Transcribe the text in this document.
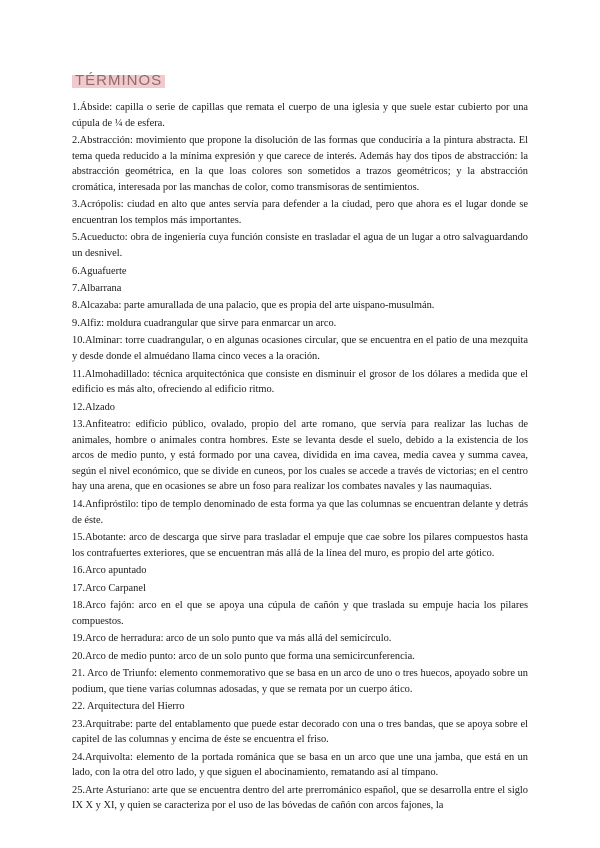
TÉRMINOS

1.Ábside: capilla o serie de capillas que remata el cuerpo de una iglesia y que suele estar cubierto por una cúpula de ¼ de esfera.

2.Abstracción: movimiento que propone la disolución de las formas que conduciría a la pintura abstracta. El tema queda reducido a la mínima expresión y que carece de interés. Además hay dos tipos de abstracción: la abstracción geométrica, en la que loas colores son sometidos a trazos geométricos; y la abstracción cromática, interesada por las manchas de color, como transmisoras de sentimientos.

3.Acrópolis: ciudad en alto que antes servía para defender a la ciudad, pero que ahora es el lugar donde se encuentran los templos más importantes.

5.Acueducto: obra de ingeniería cuya función consiste en trasladar el agua de un lugar a otro salvaguardando un desnivel.

6.Aguafuerte

7.Albarrana

8.Alcazaba: parte amurallada de una palacio, que es propia del arte uispano-musulmán.

9.Alfiz: moldura cuadrangular que sirve para enmarcar un arco.

10.Alminar: torre cuadrangular, o en algunas ocasiones circular, que se encuentra en el patio de una mezquita y desde donde el almuédano llama cinco veces a la oración.

11.Almohadillado: técnica arquitectónica que consiste en disminuir el grosor de los dólares a medida que el edificio es más alto, ofreciendo al edificio ritmo.

12.Alzado

13.Anfiteatro: edificio público, ovalado, propio del arte romano, que servía para realizar las luchas de animales, hombre o animales contra hombres. Este se levanta desde el suelo, debido a la existencia de los arcos de medio punto, y está formado por una cavea, dividida en ima cavea, media cavea y summa cavea, según el nivel económico, que se divide en cuneos, por los cuales se accede a través de victorias; en el centro hay una arena, que en ocasiones se abre un foso para realizar los combates navales y las naumaquias.

14.Anfipróstilo: tipo de templo denominado de esta forma ya que las columnas se encuentran delante y detrás de éste.

15.Abotante: arco de descarga que sirve para trasladar el empuje que cae sobre los pilares compuestos hasta los contrafuertes exteriores, que se encuentran más allá de la línea del muro, es propio del arte gótico.

16.Arco apuntado

17.Arco Carpanel

18.Arco fajón: arco en el que se apoya una cúpula de cañón y que traslada su empuje hacia los pilares compuestos.

19.Arco de herradura: arco de un solo punto que va más allá del semicírculo.

20.Arco de medio punto: arco de un solo punto que forma una semicircunferencia.

21. Arco de Triunfo: elemento conmemorativo que se basa en un arco de uno o tres huecos, apoyado sobre un podium, que tiene varias columnas adosadas, y que se remata por un cuerpo ático.

22. Arquitectura del Hierro

23.Arquitrabe: parte del entablamento que puede estar decorado con una o tres bandas, que se apoya sobre el capitel de las columnas y encima de éste se encuentra el friso.

24.Arquivolta: elemento de la portada románica que se basa en un arco que une una jamba, que está en un lado, con la otra del otro lado, y que siguen el abocinamiento, rematando así al tímpano.

25.Arte Asturiano: arte que se encuentra dentro del arte prerrománico español, que se desarrolla entre el siglo IX X y XI, y quien se caracteriza por el uso de las bóvedas de cañón con arcos fajones, la
